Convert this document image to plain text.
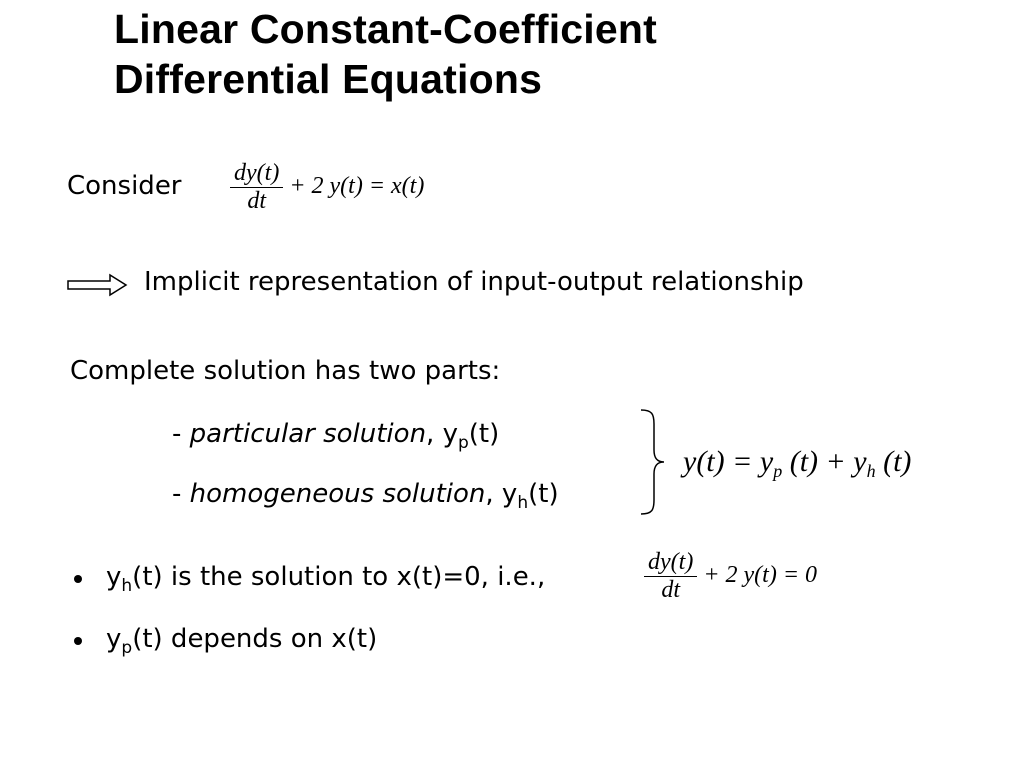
Linear Constant-Coefficient
Differential Equations
Consider $\frac{dy(t)}{dt} + 2$ y(t) = x(t)
Implicit representation of input-output relationship
Complete solution has two parts:
- particular solution, $y_p(t)$
- homogeneous solution, $y_h(t)$
$y(t) = y_p$ $(t) + y_h$ (t)
$y_h(t)$ is the solution to x(t)=0, i.e.,	$\frac{dy(t)}{dt} + 2$ y(t) = 0
$y_p(t)$ depends on x(t)
